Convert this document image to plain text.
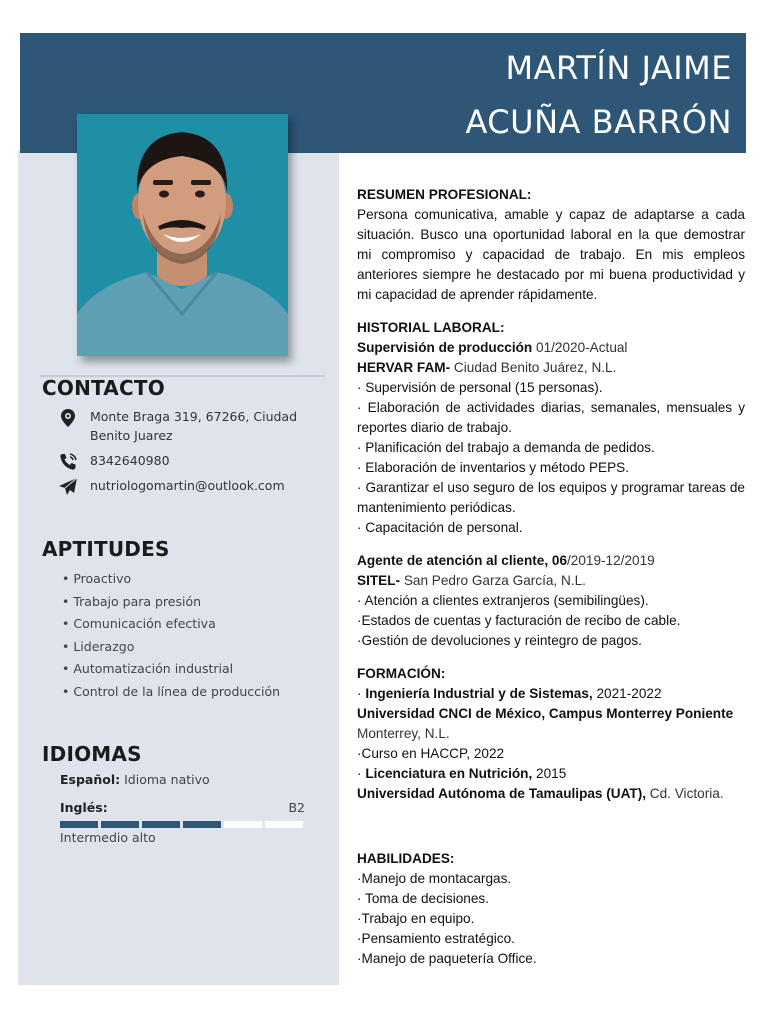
MARTÍN JAIME
ACUÑA BARRÓN
CONTACTO
Monte Braga 319, 67266, Ciudad Benito Juarez
8342640980
nutriologomartin@outlook.com
APTITUDES
• Proactivo
• Trabajo para presión
• Comunicación efectiva
• Liderazgo
• Automatización industrial
• Control de la línea de producción
IDIOMAS
Español: Idioma nativo
Inglés:	B2
Intermedio alto
RESUMEN PROFESIONAL:
Persona comunicativa, amable y capaz de adaptarse a cada situación. Busco una oportunidad laboral en la que demostrar mi compromiso y capacidad de trabajo. En mis empleos anteriores siempre he destacado por mi buena productividad y mi capacidad de aprender rápidamente.
HISTORIAL LABORAL:
Supervisión de producción 01/2020-Actual
HERVAR FAM- Ciudad Benito Juárez, N.L.
· Supervisión de personal (15 personas).
· Elaboración de actividades diarias, semanales, mensuales y reportes diario de trabajo.
· Planificación del trabajo a demanda de pedidos.
· Elaboración de inventarios y método PEPS.
· Garantizar el uso seguro de los equipos y programar tareas de mantenimiento periódicas.
· Capacitación de personal.
Agente de atención al cliente, 06/2019-12/2019
SITEL- San Pedro Garza García, N.L.
· Atención a clientes extranjeros (semibilingües).
·Estados de cuentas y facturación de recibo de cable.
·Gestión de devoluciones y reintegro de pagos.
FORMACIÓN:
· Ingeniería Industrial y de Sistemas, 2021-2022
Universidad CNCI de México, Campus Monterrey Poniente
Monterrey, N.L.
·Curso en HACCP, 2022
· Licenciatura en Nutrición, 2015
Universidad Autónoma de Tamaulipas (UAT), Cd. Victoria.
HABILIDADES:
·Manejo de montacargas.
· Toma de decisiones.
·Trabajo en equipo.
·Pensamiento estratégico.
·Manejo de paquetería Office.
